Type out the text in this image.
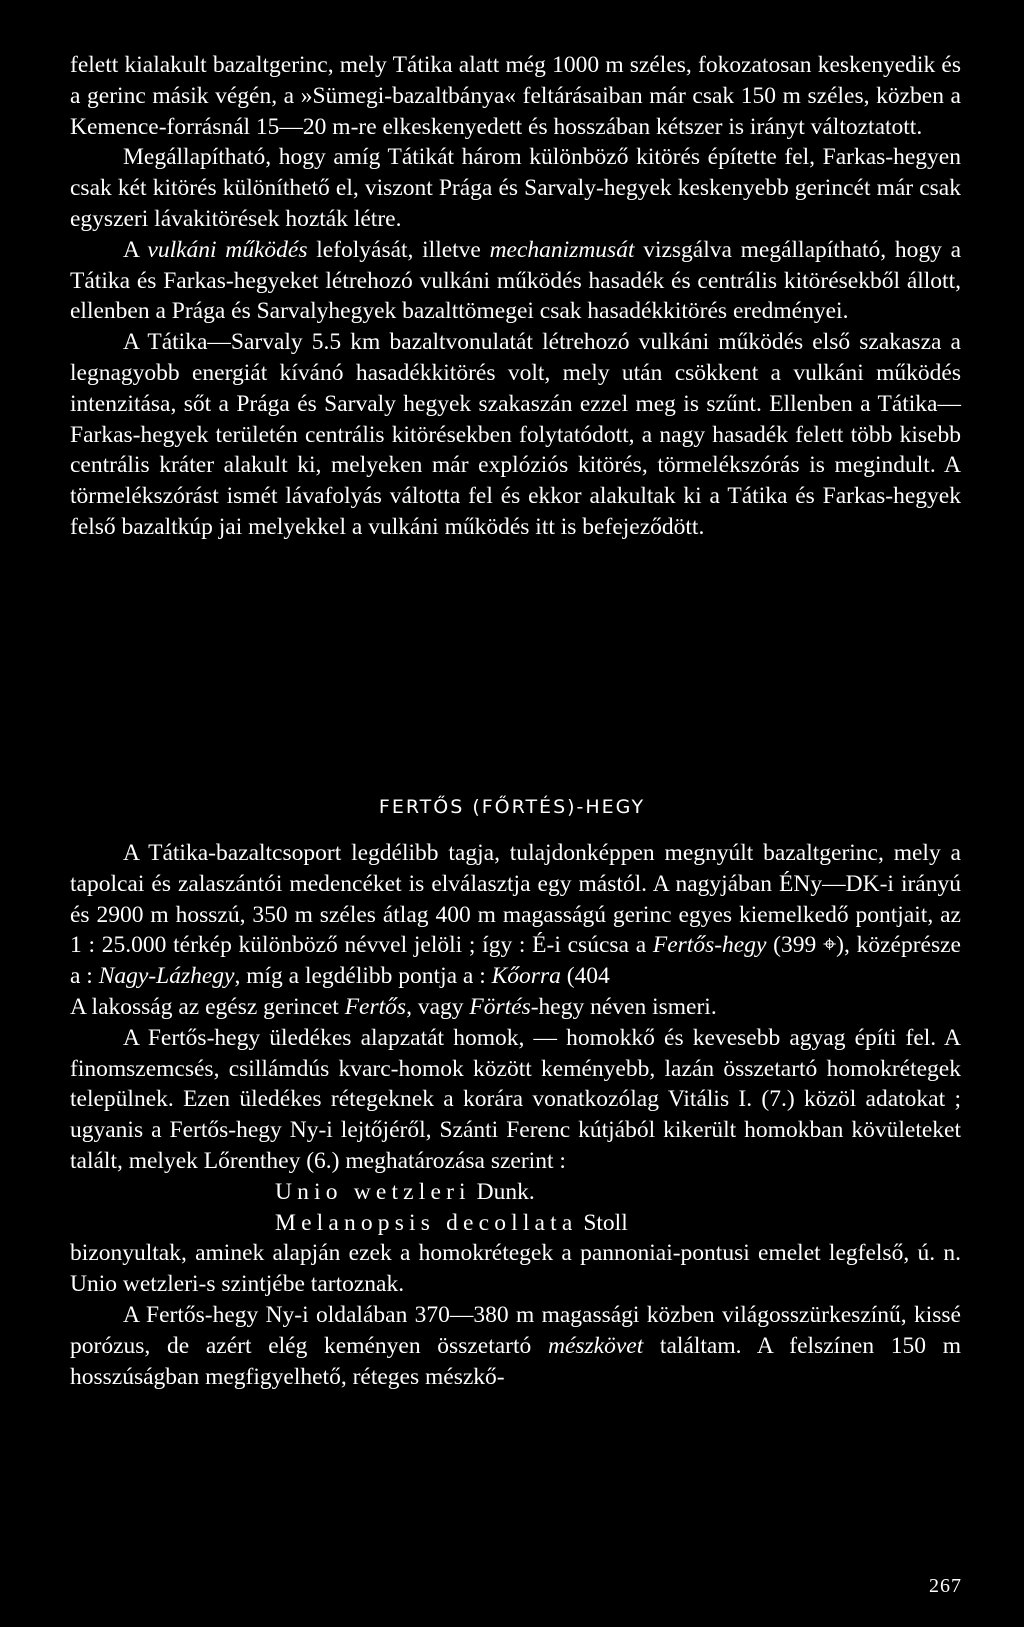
felett kialakult bazaltgerinc, mely Tátika alatt még 1000 m széles, fokozatosan keskenyedik és a gerinc másik végén, a »Sümegi-bazaltbánya« feltárásaiban már csak 150 m széles, közben a Kemence-forrásnál 15—20 m-re elkeskenyedett és hosszában kétszer is irányt változtatott.

Megállapítható, hogy amíg Tátikát három különböző kitörés építette fel, Farkas-hegyen csak két kitörés különíthető el, viszont Prága és Sarvaly-hegyek keskenyebb gerincét már csak egyszeri lávakitörések hozták létre.

A vulkáni működés lefolyását, illetve mechanizmusát vizsgálva megállapítható, hogy a Tátika és Farkas-hegyeket létrehozó vulkáni működés hasadék és centrális kitörésekből állott, ellenben a Prága és Sarvalyhegyek bazalttömegei csak hasadékkitörés eredményei.

A Tátika—Sarvaly 5.5 km bazaltvonulatát létrehozó vulkáni működés első szakasza a legnagyobb energiát kívánó hasadékkitörés volt, mely után csökkent a vulkáni működés intenzitása, sőt a Prága és Sarvaly hegyek szakaszán ezzel meg is szűnt. Ellenben a Tátika—Farkas-hegyek területén centrális kitörésekben folytatódott, a nagy hasadék felett több kisebb centrális kráter alakult ki, melyeken már explóziós kitörés, törmelékszórás is megindult. A törmelékszórást ismét lávafolyás váltotta fel és ekkor alakultak ki a Tátika és Farkas-hegyek felső bazaltkúp jai melyekkel a vulkáni működés itt is befejeződött.

FERTŐS (FŐRTÉS)-HEGY

A Tátika-bazaltcsoport legdélibb tagja, tulajdonképpen megnyúlt bazaltgerinc, mely a tapolcai és zalaszántói medencéket is elválasztja egy mástól. A nagyjában ÉNy—DK-i irányú és 2900 m hosszú, 350 m széles átlag 400 m magasságú gerinc egyes kiemelkedő pontjait, az 1 : 25.000 térkép különböző névvel jelöli ; így : É-i csúcsa a Fertős-hegy (399 ⌖), középrésze a : Nagy-Lázhegy, míg a legdélibb pontja a : Kőorra (404

A lakosság az egész gerincet Fertős, vagy Förtés-hegy néven ismeri.

A Fertős-hegy üledékes alapzatát homok, — homokkő és kevesebb agyag építi fel. A finomszemcsés, csillámdús kvarc-homok között keményebb, lazán összetartó homokrétegek települnek. Ezen üledékes rétegeknek a korára vonatkozólag Vitális I. (7.) közöl adatokat ; ugyanis a Fertős-hegy Ny-i lejtőjéről, Szánti Ferenc kútjából kikerült homokban kövületeket talált, melyek Lőrenthey (6.) meghatározása szerint :

Unio wetzleri Dunk.

Melanopsis decollata Stoll

bizonyultak, aminek alapján ezek a homokrétegek a pannoniai-pontusi emelet legfelső, ú. n. Unio wetzleri-s szintjébe tartoznak.

A Fertős-hegy Ny-i oldalában 370—380 m magassági közben világosszürkeszínű, kissé porózus, de azért elég keményen összetartó mészkövet találtam. A felszínen 150 m hosszúságban megfigyelhető, réteges mészkő-

267
